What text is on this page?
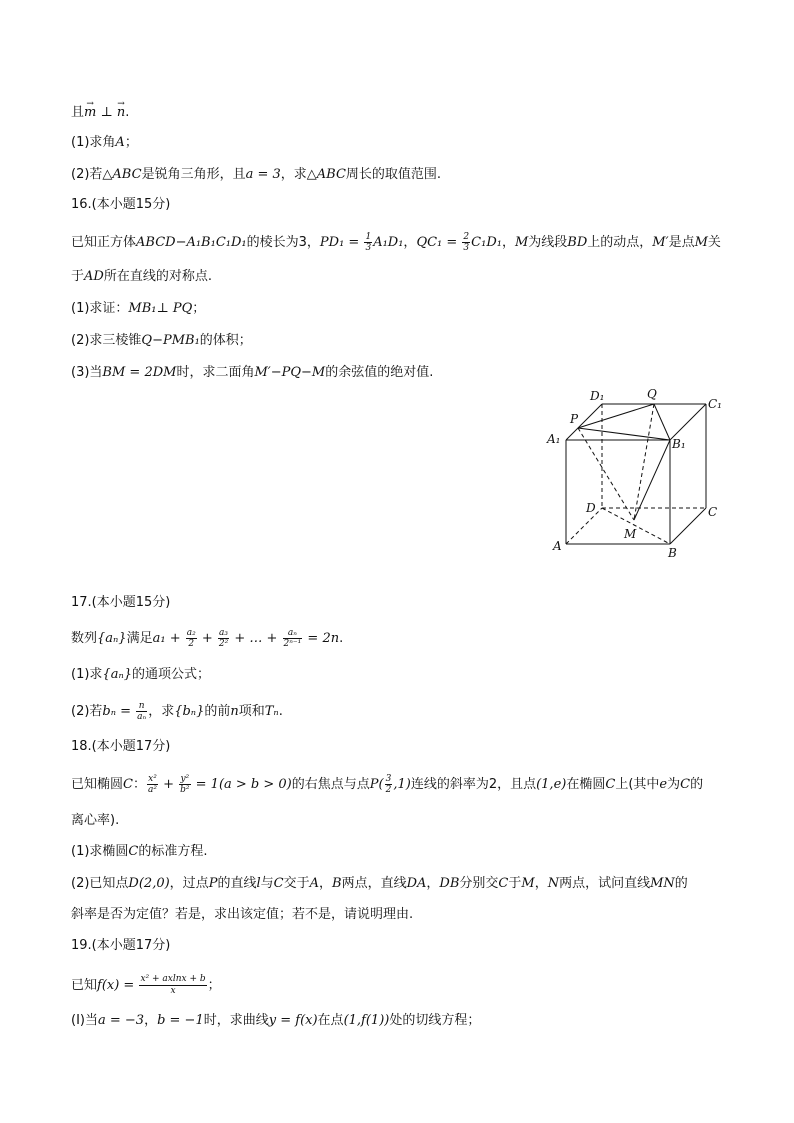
且→ m ⊥ → n.
(1)求角A；
(2)若△ABC是锐角三角形，且a = 3，求△ABC周长的取值范围.
16.(本小题15分)
已知正方体ABCD−A₁B₁C₁D₁的棱长为3，$PD_1 = \frac{1}{3} A_1D_1$，$QC_1 = \frac{2}{3} C_1D_1$，M为线段BD上的动点，M′是点M关
于AD所在直线的对称点.
(1)求证：MB₁⊥ PQ；
(2)求三棱锥Q−PMB₁的体积；
(3)当BM = 2DM时，求二面角M′−PQ−M的余弦值的绝对值.
D₁	Q
C₁
P
A₁	B₁
D	C
M
A	B
17.(本小题15分)
数列{aₙ}满足$a_1 + \frac{\text{a₂}}{2} + \frac{\text{a₃}}{\text{2²}}$ + … + $\frac{\text{aₙ}}{\text{2ⁿ⁻¹}} = 2n$.
(1)求{aₙ}的通项公式；
(2)若$b_n = \frac{n}{\text{aₙ}}$ ，求{bₙ}的前n项和Tₙ.
18.(本小题17分)
已知椭圆C： $\frac{\text{x²}}{\text{a²}} + \frac{\text{y²}}{\text{b²}} = 1(a > b > 0)$的右焦点与点$P( \frac{3}{2} ,1)$连线的斜率为2，且点(1,e)在椭圆C上(其中e为C的
离心率).
(1)求椭圆C的标准方程.
(2)已知点D(2,0)，过点P的直线l与C交于A，B两点，直线DA，DB分别交C于M，N两点，试问直线MN的
斜率是否为定值？若是，求出该定值；若不是，请说明理由.
19.(本小题17分)
已知$f(x) = \frac{\text{x² + axlnx + b}}{x}$ ；
(Ⅰ)当a = −3，b = −1时，求曲线y = f(x)在点(1,f(1))处的切线方程；
